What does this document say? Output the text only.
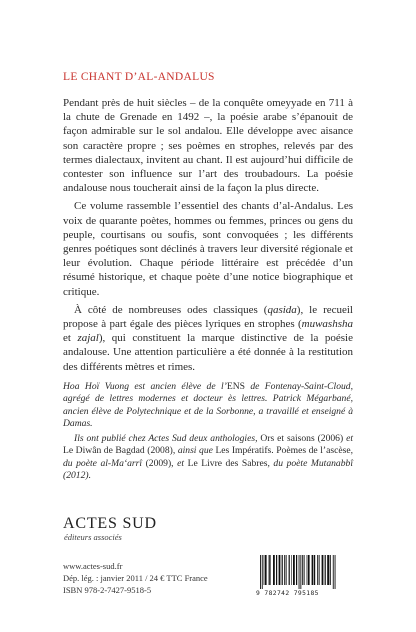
LE CHANT D’AL-ANDALUS

Pendant près de huit siècles – de la conquête omeyyade en 711 à la chute de Grenade en 1492 –, la poésie arabe s’épanouit de façon admirable sur le sol andalou. Elle développe avec aisance son caractère propre ; ses poèmes en strophes, relevés par des termes dialectaux, invitent au chant. Il est aujourd’hui difficile de contester son influence sur l’art des troubadours. La poésie andalouse nous toucherait ainsi de la façon la plus directe.

Ce volume rassemble l’essentiel des chants d’al-Andalus. Les voix de quarante poètes, hommes ou femmes, princes ou gens du peuple, courtisans ou soufis, sont convoquées ; les différents genres poétiques sont déclinés à travers leur diversité régionale et leur évolution. Chaque période littéraire est précédée d’un résumé historique, et chaque poète d’une notice biographique et critique.

À côté de nombreuses odes classiques (qasida), le recueil propose à part égale des pièces lyriques en strophes (muwashsha et zajal), qui constituent la marque distinctive de la poésie andalouse. Une attention particulière a été donnée à la restitution des différents mètres et rimes.

Hoa Hoï Vuong est ancien élève de l’ENS de Fontenay-Saint-Cloud, agrégé de lettres modernes et docteur ès lettres. Patrick Mégarbané, ancien élève de Polytechnique et de la Sorbonne, a travaillé et enseigné à Damas.

Ils ont publié chez Actes Sud deux anthologies, Ors et saisons (2006) et Le Diwân de Bagdad (2008), ainsi que Les Impératifs. Poèmes de l’ascèse, du poète al-Ma‘arrî (2009), et Le Livre des Sabres, du poète Mutanabbî (2012).

ACTES SUD
éditeurs associés
www.actes-sud.fr
Dép. lég. : janvier 2011 / 24 € TTC France
ISBN 978-2-7427-9518-5	9 782742 795185
